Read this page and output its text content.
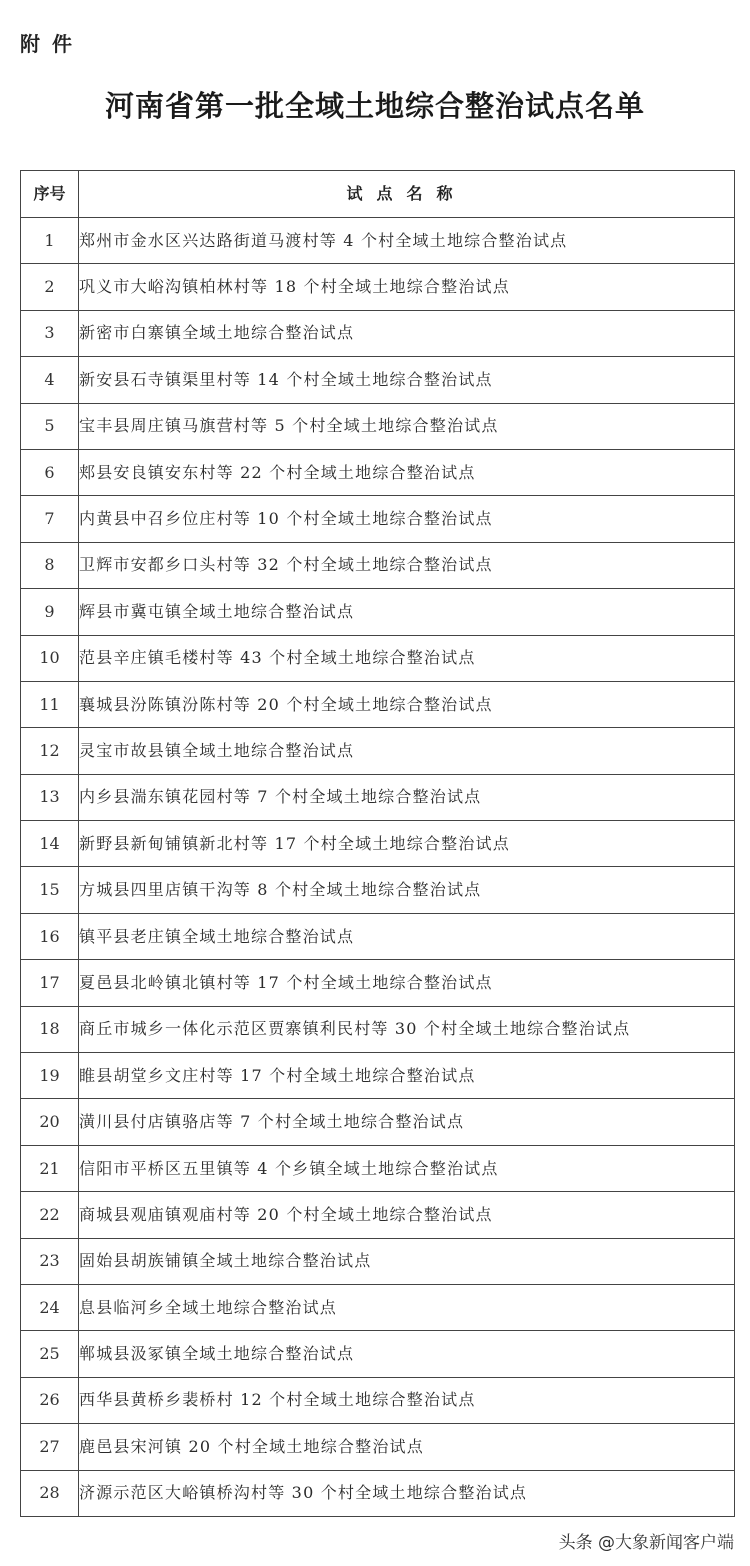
附件
河南省第一批全域土地综合整治试点名单
序号	试点名称
1	郑州市金水区兴达路街道马渡村等 4 个村全域土地综合整治试点
2	巩义市大峪沟镇柏林村等 18 个村全域土地综合整治试点
3	新密市白寨镇全域土地综合整治试点
4	新安县石寺镇渠里村等 14 个村全域土地综合整治试点
5	宝丰县周庄镇马旗营村等 5 个村全域土地综合整治试点
6	郏县安良镇安东村等 22 个村全域土地综合整治试点
7	内黄县中召乡位庄村等 10 个村全域土地综合整治试点
8	卫辉市安都乡口头村等 32 个村全域土地综合整治试点
9	辉县市冀屯镇全域土地综合整治试点
10	范县辛庄镇毛楼村等 43 个村全域土地综合整治试点
11	襄城县汾陈镇汾陈村等 20 个村全域土地综合整治试点
12	灵宝市故县镇全域土地综合整治试点
13	内乡县湍东镇花园村等 7 个村全域土地综合整治试点
14	新野县新甸铺镇新北村等 17 个村全域土地综合整治试点
15	方城县四里店镇干沟等 8 个村全域土地综合整治试点
16	镇平县老庄镇全域土地综合整治试点
17	夏邑县北岭镇北镇村等 17 个村全域土地综合整治试点
18	商丘市城乡一体化示范区贾寨镇利民村等 30 个村全域土地综合整治试点
19	睢县胡堂乡文庄村等 17 个村全域土地综合整治试点
20	潢川县付店镇骆店等 7 个村全域土地综合整治试点
21	信阳市平桥区五里镇等 4 个乡镇全域土地综合整治试点
22	商城县观庙镇观庙村等 20 个村全域土地综合整治试点
23	固始县胡族铺镇全域土地综合整治试点
24	息县临河乡全域土地综合整治试点
25	郸城县汲冢镇全域土地综合整治试点
26	西华县黄桥乡裴桥村 12 个村全域土地综合整治试点
27	鹿邑县宋河镇 20 个村全域土地综合整治试点
28	济源示范区大峪镇桥沟村等 30 个村全域土地综合整治试点
头条 @大象新闻客户端
